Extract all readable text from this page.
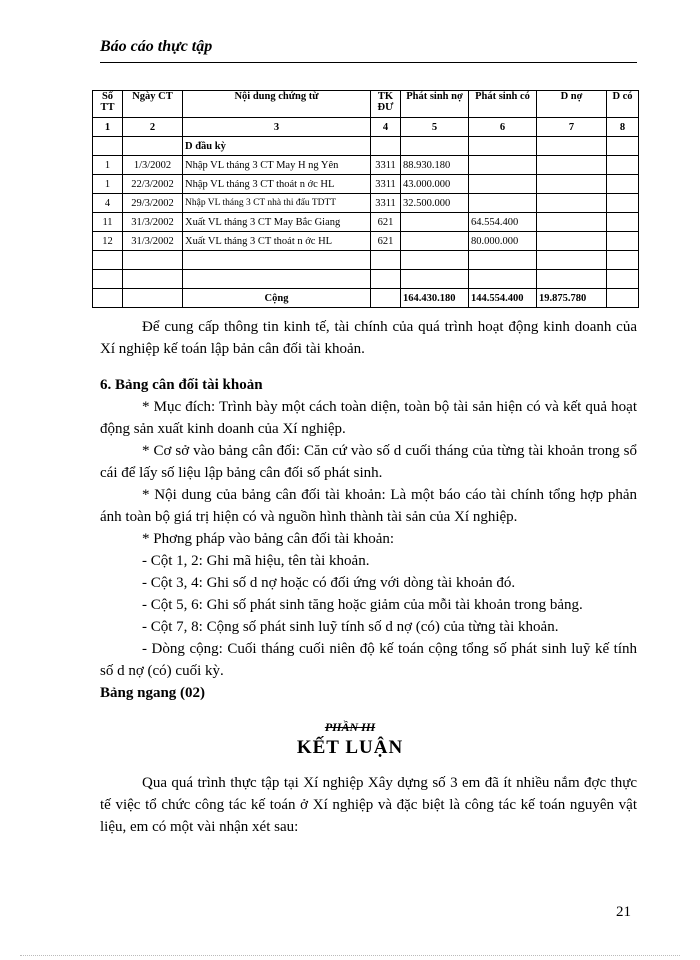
Báo cáo thực tập
Số TT	Ngày CT	Nội dung chứng từ	TK ĐƯ	Phát sinh nợ	Phát sinh có	D nợ	D có
1	2	3	4	5	6	7	8
		D đầu kỳ					
1	1/3/2002	Nhập VL tháng 3 CT May H ng Yên	3311	88.930.180			
1	22/3/2002	Nhập VL tháng 3 CT thoát n ớc HL	3311	43.000.000			
4	29/3/2002	Nhập VL tháng 3 CT nhà thi đấu TDTT	3311	32.500.000			
11	31/3/2002	Xuất VL tháng 3 CT May Bắc Giang	621		64.554.400		
12	31/3/2002	Xuất VL tháng 3 CT thoát n ớc HL	621		80.000.000		

		Cộng		164.430.180	144.554.400	19.875.780	

Để cung cấp thông tin kinh tế, tài chính của quá trình hoạt động kinh doanh của Xí nghiệp kế toán lập bản cân đối tài khoản.

6. Bảng cân đối tài khoản

* Mục đích: Trình bày một cách toàn diện, toàn bộ tài sản hiện có và kết quả hoạt động sản xuất kinh doanh của Xí nghiệp.

* Cơ sở vào bảng cân đối: Căn cứ vào số d cuối tháng của từng tài khoản trong sổ cái để lấy số liệu lập bảng cân đối số phát sinh.

* Nội dung của bảng cân đối tài khoản: Là một báo cáo tài chính tổng hợp phản ánh toàn bộ giá trị hiện có và nguồn hình thành tài sản của Xí nghiệp.

* Phơng pháp vào bảng cân đối tài khoản:

- Cột 1, 2: Ghi mã hiệu, tên tài khoản.

- Cột 3, 4: Ghi số d nợ hoặc có đối ứng với dòng tài khoản đó.

- Cột 5, 6: Ghi số phát sinh tăng hoặc giảm của mỗi tài khoản trong bảng.

- Cột 7, 8: Cộng số phát sinh luỹ tính số d nợ (có) của từng tài khoản.

- Dòng cộng: Cuối tháng cuối niên độ kế toán cộng tổng số phát sinh luỹ kế tính số d nợ (có) cuối kỳ.

Bảng ngang (02)

PHẦN III
KẾT LUẬN

Qua quá trình thực tập tại Xí nghiệp Xây dựng số 3 em đã ít nhiều nắm đợc thực tế việc tổ chức công tác kế toán ở Xí nghiệp và đặc biệt là công tác kế toán nguyên vật liệu, em có một vài nhận xét sau:

21
